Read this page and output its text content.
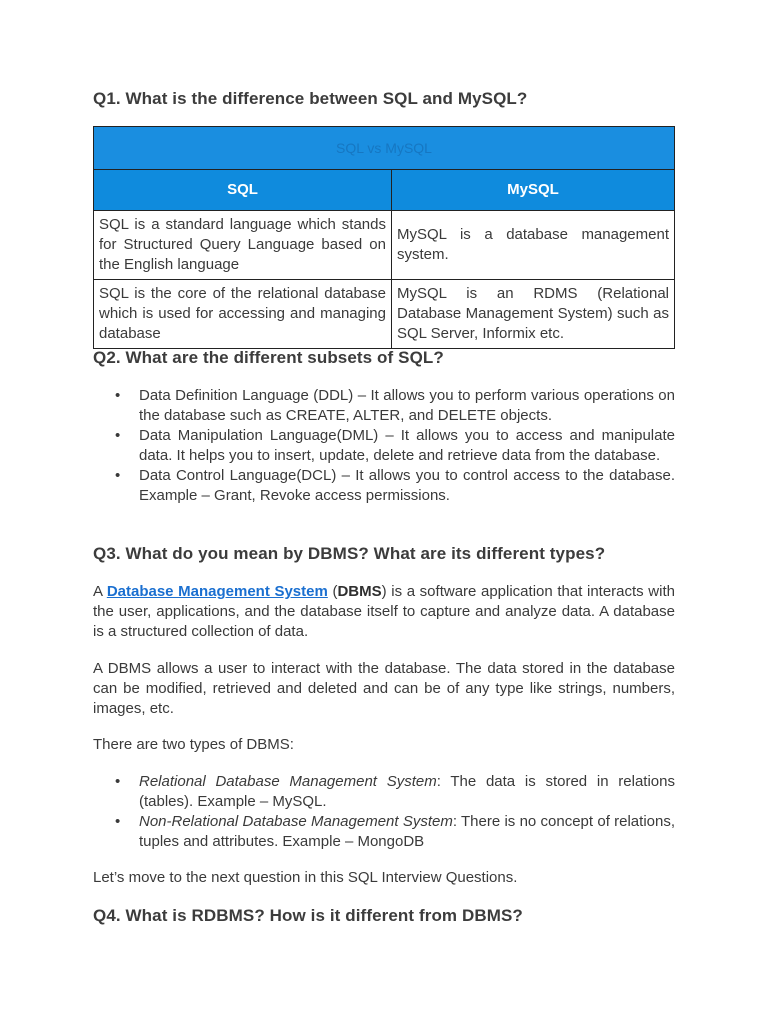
Q1. What is the difference between SQL and MySQL?
SQL vs MySQL	
SQL	MySQL
SQL is a standard language which stands for Structured Query Language based on the English language	MySQL is a database management system.
SQL is the core of the relational database which is used for accessing and managing database	MySQL is an RDMS (Relational Database Management System) such as SQL Server, Informix etc.
Q2. What are the different subsets of SQL?
• Data Definition Language (DDL) – It allows you to perform various operations on the database such as CREATE, ALTER, and DELETE objects.
• Data Manipulation Language(DML) – It allows you to access and manipulate data. It helps you to insert, update, delete and retrieve data from the database.
• Data Control Language(DCL) – It allows you to control access to the database. Example – Grant, Revoke access permissions.
Q3. What do you mean by DBMS? What are its different types?

A Database Management System (DBMS) is a software application that interacts with the user, applications, and the database itself to capture and analyze data. A database is a structured collection of data.

A DBMS allows a user to interact with the database. The data stored in the database can be modified, retrieved and deleted and can be of any type like strings, numbers, images, etc.

There are two types of DBMS:

• Relational Database Management System: The data is stored in relations (tables). Example – MySQL.
• Non-Relational Database Management System: There is no concept of relations, tuples and attributes. Example – MongoDB

Let’s move to the next question in this SQL Interview Questions.

Q4. What is RDBMS? How is it different from DBMS?
